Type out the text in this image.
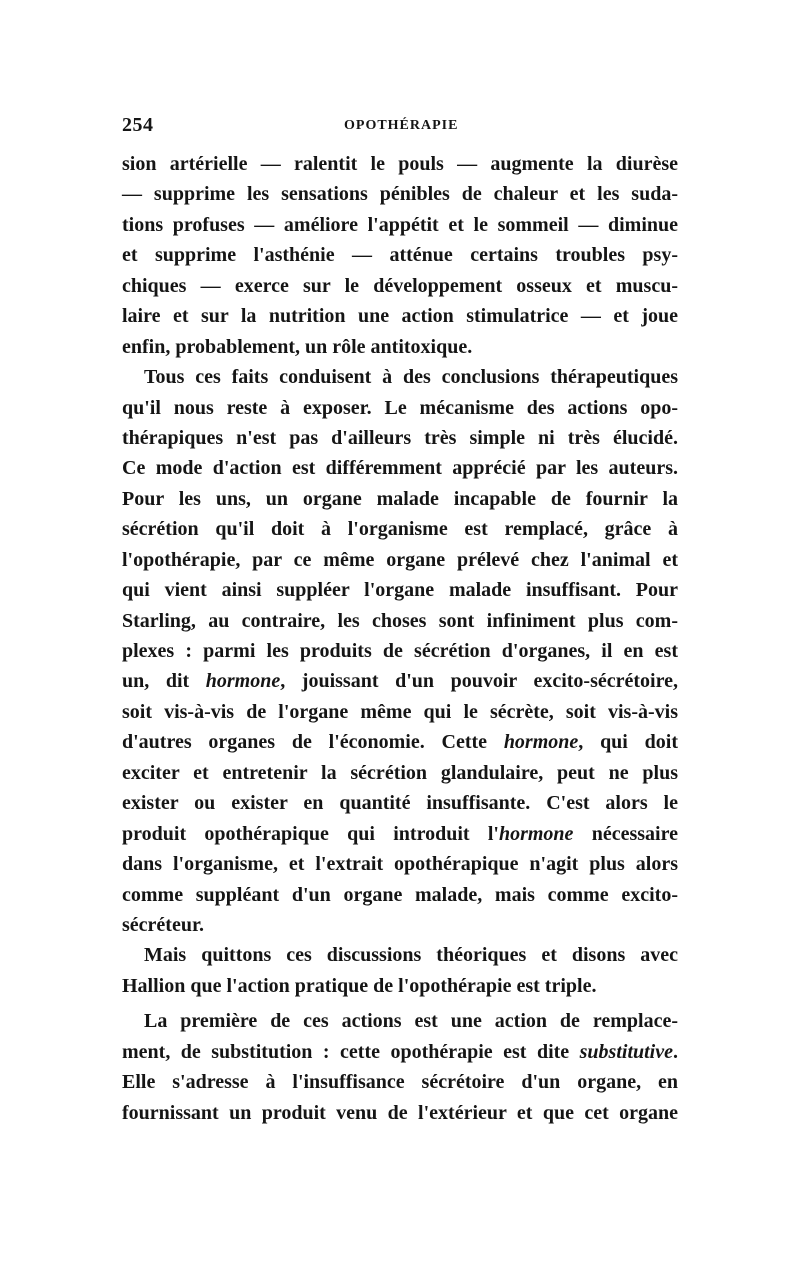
254	OPOTHÉRAPIE
sion artérielle — ralentit le pouls — augmente la diurèse
— supprime les sensations pénibles de chaleur et les suda-
tions profuses — améliore l'appétit et le sommeil — diminue
et supprime l'asthénie — atténue certains troubles psy-
chiques — exerce sur le développement osseux et muscu-
laire et sur la nutrition une action stimulatrice — et joue
enfin, probablement, un rôle antitoxique.
Tous ces faits conduisent à des conclusions thérapeutiques
qu'il nous reste à exposer. Le mécanisme des actions opo-
thérapiques n'est pas d'ailleurs très simple ni très élucidé.
Ce mode d'action est différemment apprécié par les auteurs.
Pour les uns, un organe malade incapable de fournir la
sécrétion qu'il doit à l'organisme est remplacé, grâce à
l'opothérapie, par ce même organe prélevé chez l'animal et
qui vient ainsi suppléer l'organe malade insuffisant. Pour
Starling, au contraire, les choses sont infiniment plus com-
plexes : parmi les produits de sécrétion d'organes, il en est
un, dit hormone, jouissant d'un pouvoir excito-sécrétoire,
soit vis-à-vis de l'organe même qui le sécrète, soit vis-à-vis
d'autres organes de l'économie. Cette hormone, qui doit
exciter et entretenir la sécrétion glandulaire, peut ne plus
exister ou exister en quantité insuffisante. C'est alors le
produit opothérapique qui introduit l'hormone nécessaire
dans l'organisme, et l'extrait opothérapique n'agit plus alors
comme suppléant d'un organe malade, mais comme excito-
sécréteur.
Mais quittons ces discussions théoriques et disons avec
Hallion que l'action pratique de l'opothérapie est triple.
La première de ces actions est une action de remplace-
ment, de substitution : cette opothérapie est dite substitutive.
Elle s'adresse à l'insuffisance sécrétoire d'un organe, en
fournissant un produit venu de l'extérieur et que cet organe
